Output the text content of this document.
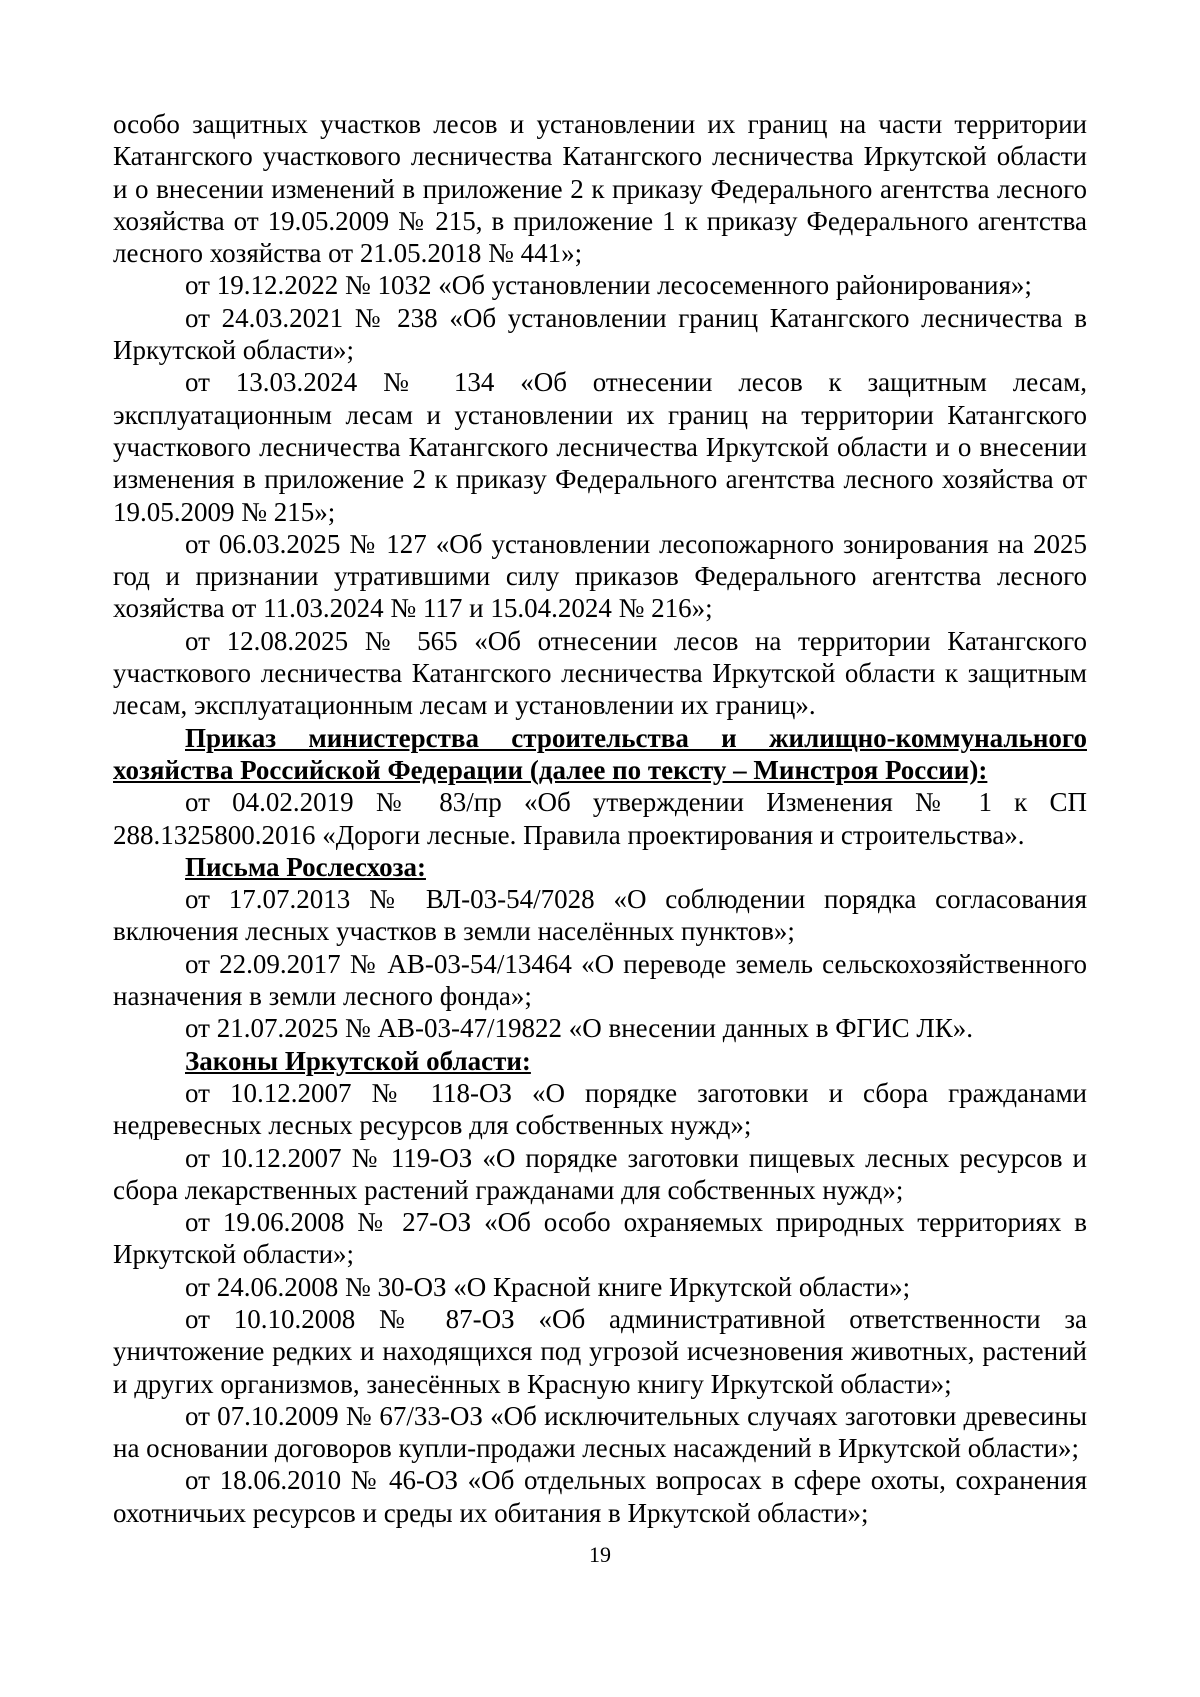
особо защитных участков лесов и установлении их границ на части территории Катангского участкового лесничества Катангского лесничества Иркутской области и о внесении изменений в приложение 2 к приказу Федерального агентства лесного хозяйства от 19.05.2009 № 215, в приложение 1 к приказу Федерального агентства лесного хозяйства от 21.05.2018 № 441»;

от 19.12.2022 № 1032 «Об установлении лесосеменного районирования»;

от 24.03.2021 № 238 «Об установлении границ Катангского лесничества в Иркутской области»;

от 13.03.2024 № 134 «Об отнесении лесов к защитным лесам, эксплуатационным лесам и установлении их границ на территории Катангского участкового лесничества Катангского лесничества Иркутской области и о внесении изменения в приложение 2 к приказу Федерального агентства лесного хозяйства от 19.05.2009 № 215»;

от 06.03.2025 № 127 «Об установлении лесопожарного зонирования на 2025 год и признании утратившими силу приказов Федерального агентства лесного хозяйства от 11.03.2024 № 117 и 15.04.2024 № 216»;

от 12.08.2025 № 565 «Об отнесении лесов на территории Катангского участкового лесничества Катангского лесничества Иркутской области к защитным лесам, эксплуатационным лесам и установлении их границ».

Приказ министерства строительства и жилищно-коммунального хозяйства Российской Федерации (далее по тексту – Минстроя России):

от 04.02.2019 № 83/пр «Об утверждении Изменения № 1 к СП 288.1325800.2016 «Дороги лесные. Правила проектирования и строительства».

Письма Рослесхоза:

от 17.07.2013 № ВЛ-03-54/7028 «О соблюдении порядка согласования включения лесных участков в земли населённых пунктов»;

от 22.09.2017 № АВ-03-54/13464 «О переводе земель сельскохозяйственного назначения в земли лесного фонда»;

от 21.07.2025 № АВ-03-47/19822 «О внесении данных в ФГИС ЛК».

Законы Иркутской области:

от 10.12.2007 № 118-ОЗ «О порядке заготовки и сбора гражданами недревесных лесных ресурсов для собственных нужд»;

от 10.12.2007 № 119-ОЗ «О порядке заготовки пищевых лесных ресурсов и сбора лекарственных растений гражданами для собственных нужд»;

от 19.06.2008 № 27-ОЗ «Об особо охраняемых природных территориях в Иркутской области»;

от 24.06.2008 № 30-ОЗ «О Красной книге Иркутской области»;

от 10.10.2008 № 87-ОЗ «Об административной ответственности за уничтожение редких и находящихся под угрозой исчезновения животных, растений и других организмов, занесённых в Красную книгу Иркутской области»;

от 07.10.2009 № 67/33-ОЗ «Об исключительных случаях заготовки древесины на основании договоров купли-продажи лесных насаждений в Иркутской области»;

от 18.06.2010 № 46-ОЗ «Об отдельных вопросах в сфере охоты, сохранения охотничьих ресурсов и среды их обитания в Иркутской области»;

19
